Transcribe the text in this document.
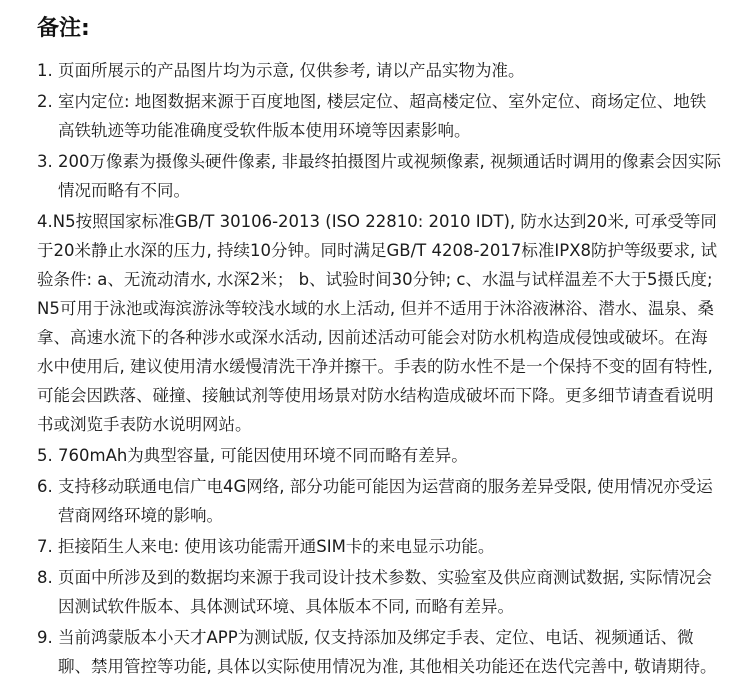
备注:
1. 页面所展示的产品图片均为示意, 仅供参考, 请以产品实物为准。
2. 室内定位: 地图数据来源于百度地图, 楼层定位、超高楼定位、室外定位、商场定位、地铁高铁轨迹等功能准确度受软件版本使用环境等因素影响。
3. 200万像素为摄像头硬件像素, 非最终拍摄图片或视频像素, 视频通话时调用的像素会因实际情况而略有不同。
4.N5按照国家标准GB/T 30106-2013 (ISO 22810: 2010 IDT), 防水达到20米, 可承受等同于20米静止水深的压力, 持续10分钟。同时满足GB/T 4208-2017标准IPX8防护等级要求, 试验条件: a、无流动清水, 水深2米； b、试验时间30分钟; c、水温与试样温差不大于5摄氏度; N5可用于泳池或海滨游泳等较浅水域的水上活动, 但并不适用于沐浴液淋浴、潜水、温泉、桑拿、高速水流下的各种涉水或深水活动, 因前述活动可能会对防水机构造成侵蚀或破坏。在海水中使用后, 建议使用清水缓慢清洗干净并擦干。手表的防水性不是一个保持不变的固有特性, 可能会因跌落、碰撞、接触试剂等使用场景对防水结构造成破坏而下降。更多细节请查看说明书或浏览手表防水说明网站。
5. 760mAh为典型容量, 可能因使用环境不同而略有差异。
6. 支持移动联通电信广电4G网络, 部分功能可能因为运营商的服务差异受限, 使用情况亦受运营商网络环境的影响。
7. 拒接陌生人来电: 使用该功能需开通SIM卡的来电显示功能。
8. 页面中所涉及到的数据均来源于我司设计技术参数、实验室及供应商测试数据, 实际情况会因测试软件版本、具体测试环境、具体版本不同, 而略有差异。
9. 当前鸿蒙版本小天才APP为测试版, 仅支持添加及绑定手表、定位、电话、视频通话、微聊、禁用管控等功能, 具体以实际使用情况为准, 其他相关功能还在迭代完善中, 敬请期待。
